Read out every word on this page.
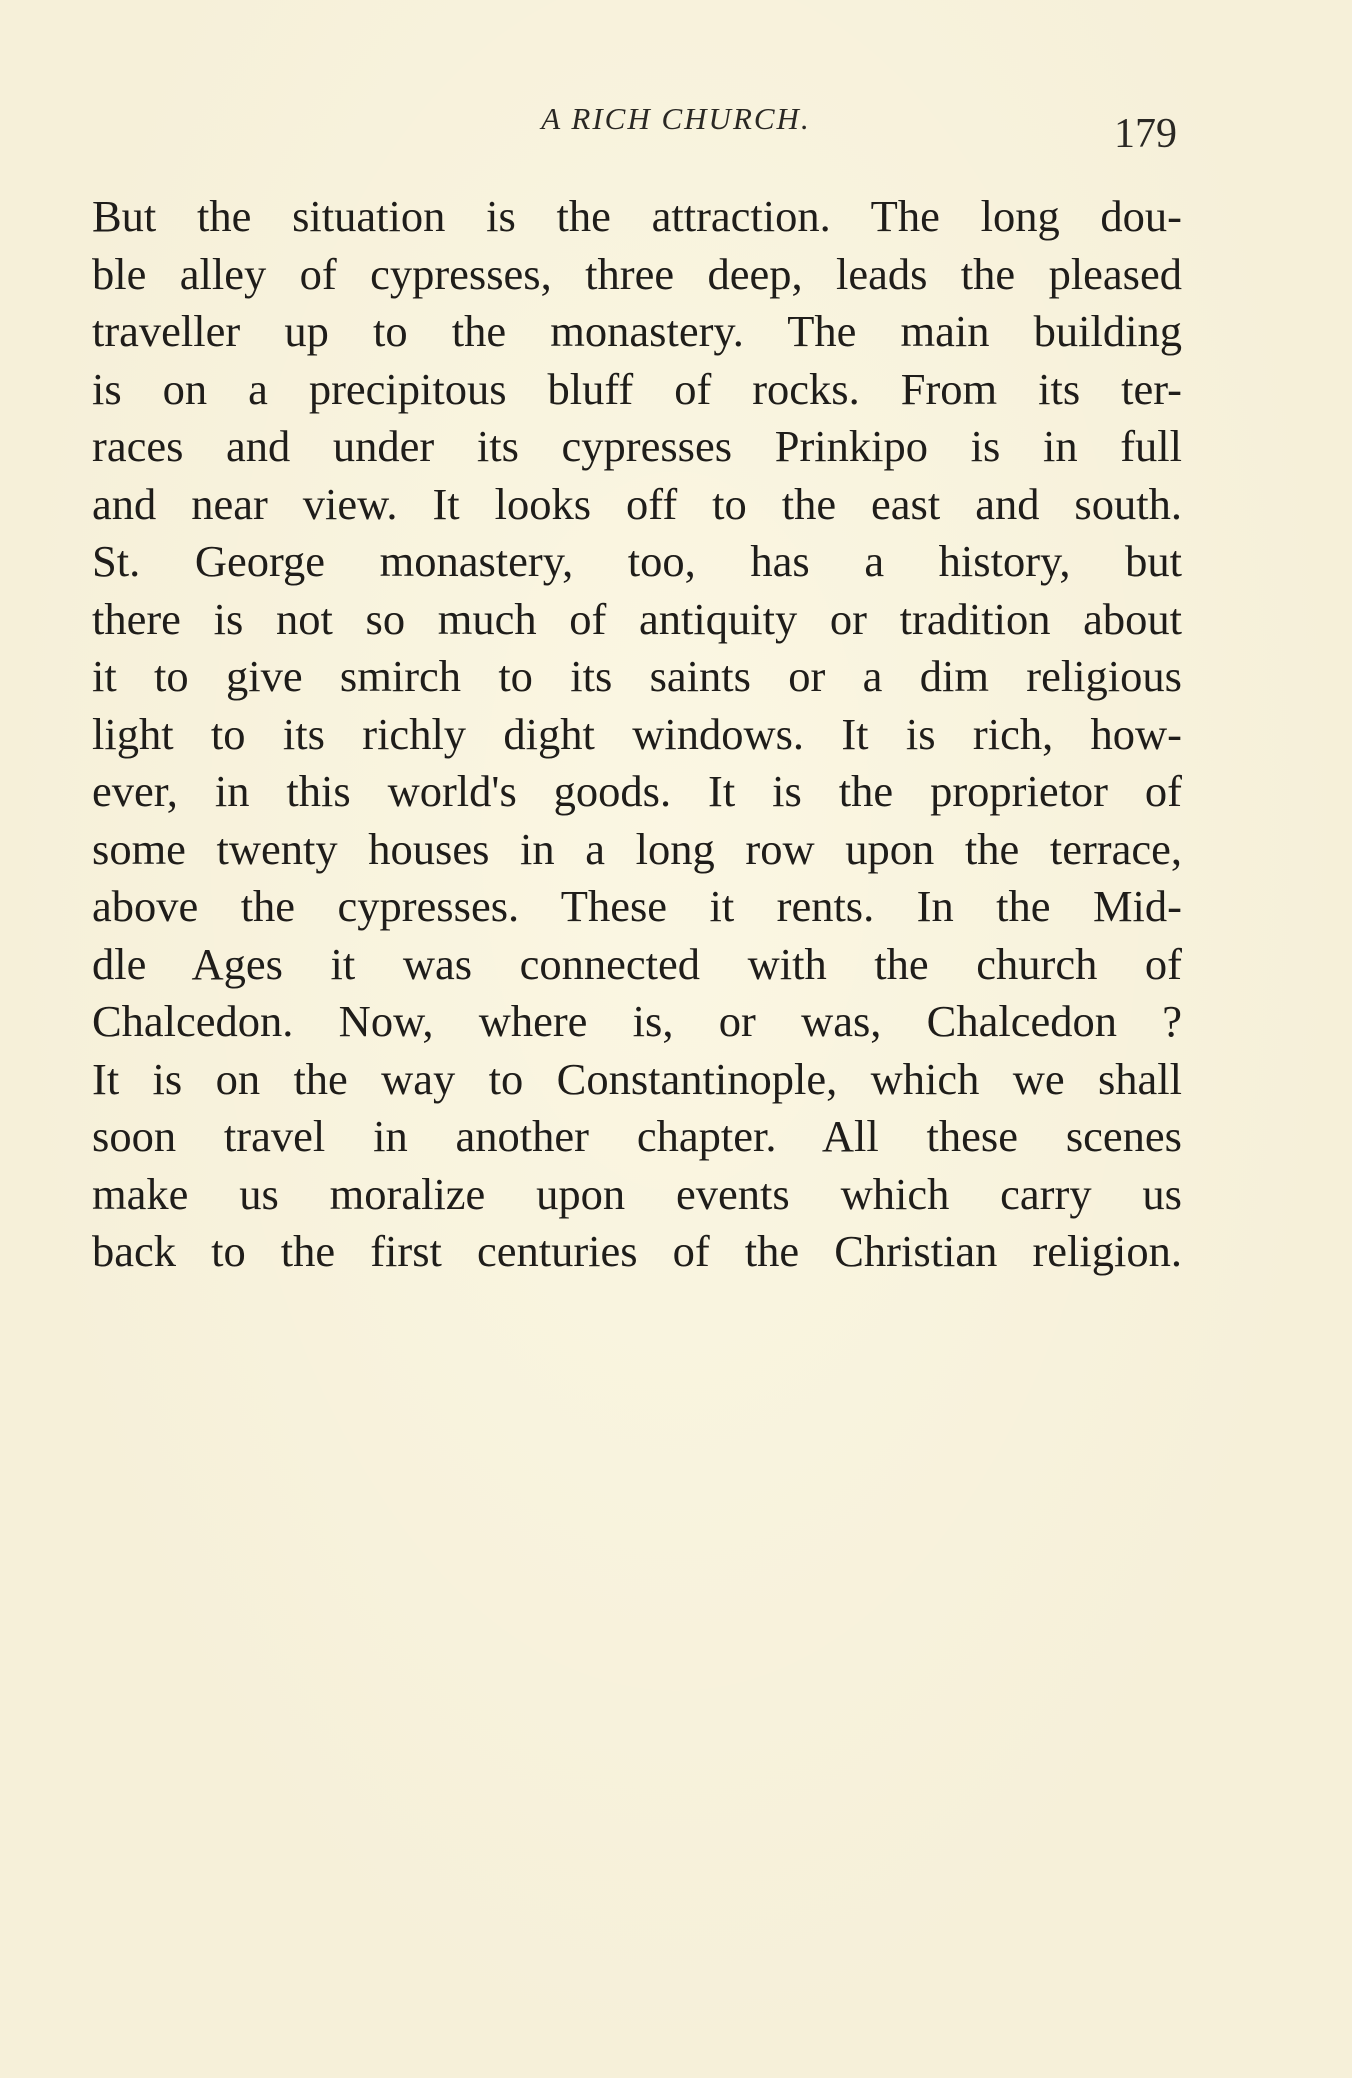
A RICH CHURCH.	179
But the situation is the attraction. The long dou-
ble alley of cypresses, three deep, leads the pleased
traveller up to the monastery. The main building
is on a precipitous bluff of rocks. From its ter-
races and under its cypresses Prinkipo is in full
and near view. It looks off to the east and south.
St. George monastery, too, has a history, but
there is not so much of antiquity or tradition about
it to give smirch to its saints or a dim religious
light to its richly dight windows. It is rich, how-
ever, in this world's goods. It is the proprietor of
some twenty houses in a long row upon the terrace,
above the cypresses. These it rents. In the Mid-
dle Ages it was connected with the church of
Chalcedon. Now, where is, or was, Chalcedon ?
It is on the way to Constantinople, which we shall
soon travel in another chapter. All these scenes
make us moralize upon events which carry us
back to the first centuries of the Christian religion.
